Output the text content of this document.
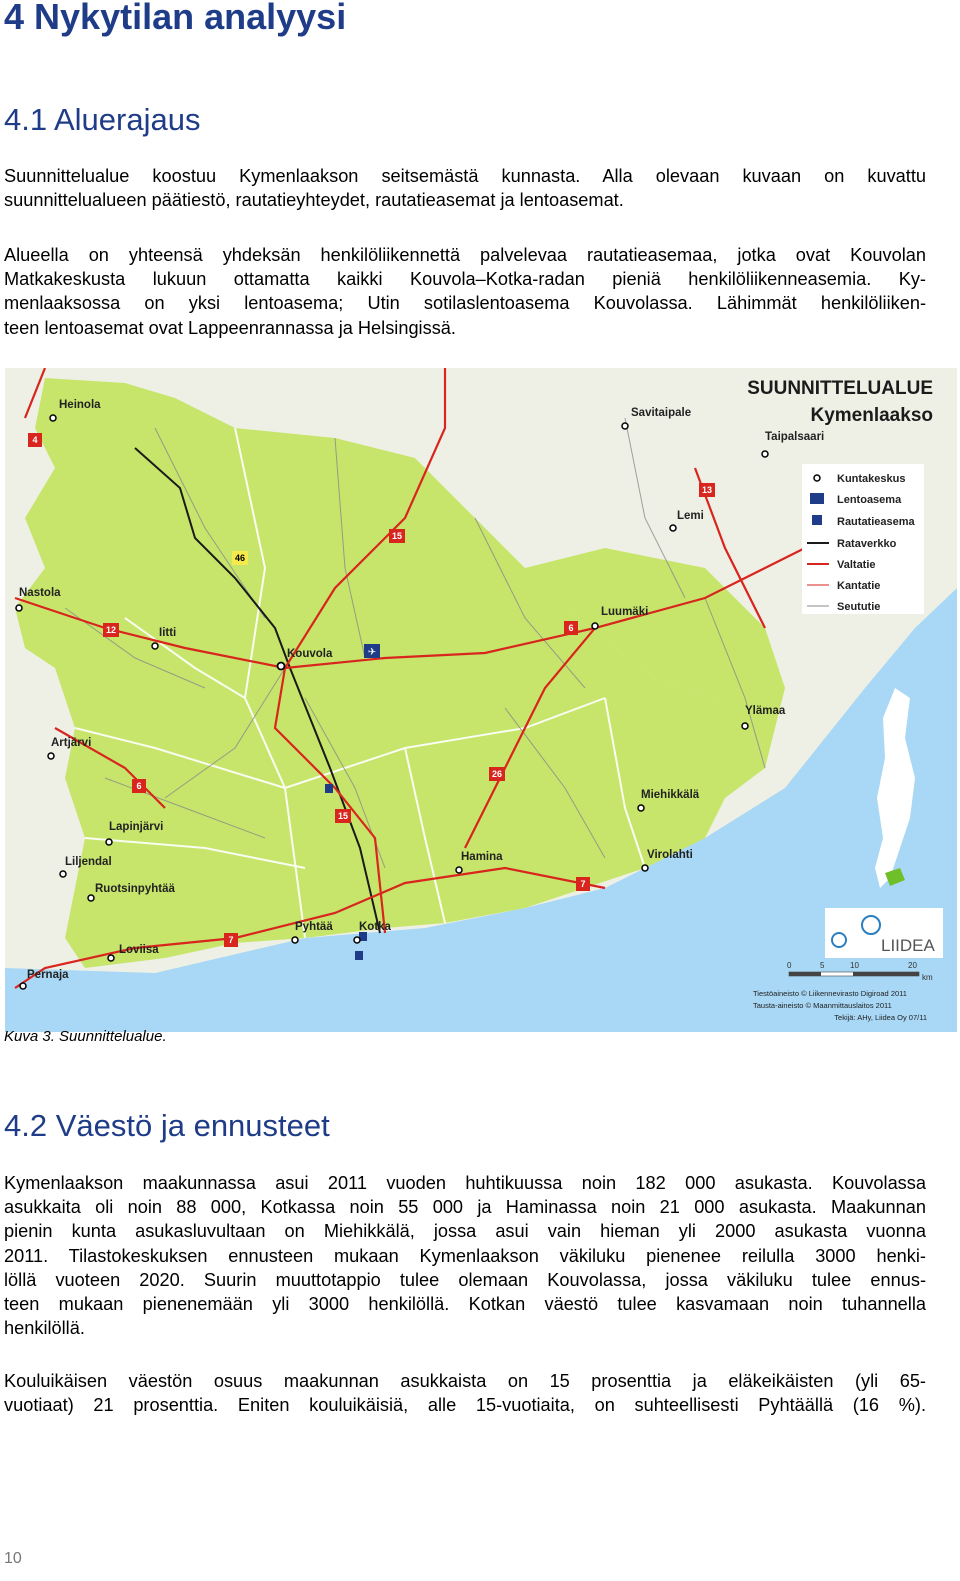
4 Nykytilan analyysi
4.1 Aluerajaus
Suunnittelualue koostuu Kymenlaakson seitsemästä kunnasta. Alla olevaan kuvaan on kuvattu
suunnittelualueen päätiestö, rautatieyhteydet, rautatieasemat ja lentoasemat.
Alueella on yhteensä yhdeksän henkilöliikennettä palvelevaa rautatieasemaa, jotka ovat Kouvolan
Matkakeskusta lukuun ottamatta kaikki Kouvola–Kotka-radan pieniä henkilöliikenneasemia. Ky-
menlaaksossa on yksi lentoasema; Utin sotilaslentoasema Kouvolassa. Lähimmät henkilöliiken-
teen lentoasemat ovat Lappeenrannassa ja Helsingissä.
4
46
15
13
12	6
26
6
15
7
7
✈
Heinola
Savitaipale
Taipalsaari
Lemi
Nastola
Iitti
Kouvola
Luumäki
Ylämaa
Artjärvi
Miehikkälä
Lapinjärvi
Liljendal
Ruotsinpyhtää
Hamina	Virolahti
Pyhtää Kotka
Loviisa
Pernaja
SUUNNITTELUALUE
Kymenlaakso
Kuntakeskus
Lentoasema
Rautatieasema
Rataverkko
Valtatie
Kantatie
Seututie
LIIDEA
0	5	10	20
km
Tiestöaineisto © Liikennevirasto Digiroad 2011
Tausta-aineisto © Maanmittauslaitos 2011
Tekijä: AHy, Liidea Oy 07/11
Kuva 3. Suunnittelualue.
4.2 Väestö ja ennusteet
Kymenlaakson maakunnassa asui 2011 vuoden huhtikuussa noin 182 000 asukasta. Kouvolassa
asukkaita oli noin 88 000, Kotkassa noin 55 000 ja Haminassa noin 21 000 asukasta. Maakunnan
pienin kunta asukasluvultaan on Miehikkälä, jossa asui vain hieman yli 2000 asukasta vuonna
2011. Tilastokeskuksen ennusteen mukaan Kymenlaakson väkiluku pienenee reilulla 3000 henki-
löllä vuoteen 2020. Suurin muuttotappio tulee olemaan Kouvolassa, jossa väkiluku tulee ennus-
teen mukaan pienenemään yli 3000 henkilöllä. Kotkan väestö tulee kasvamaan noin tuhannella
henkilöllä.
Kouluikäisen väestön osuus maakunnan asukkaista on 15 prosenttia ja eläkeikäisten (yli 65-
vuotiaat) 21 prosenttia. Eniten kouluikäisiä, alle 15-vuotiaita, on suhteellisesti Pyhtäällä (16 %).
10
